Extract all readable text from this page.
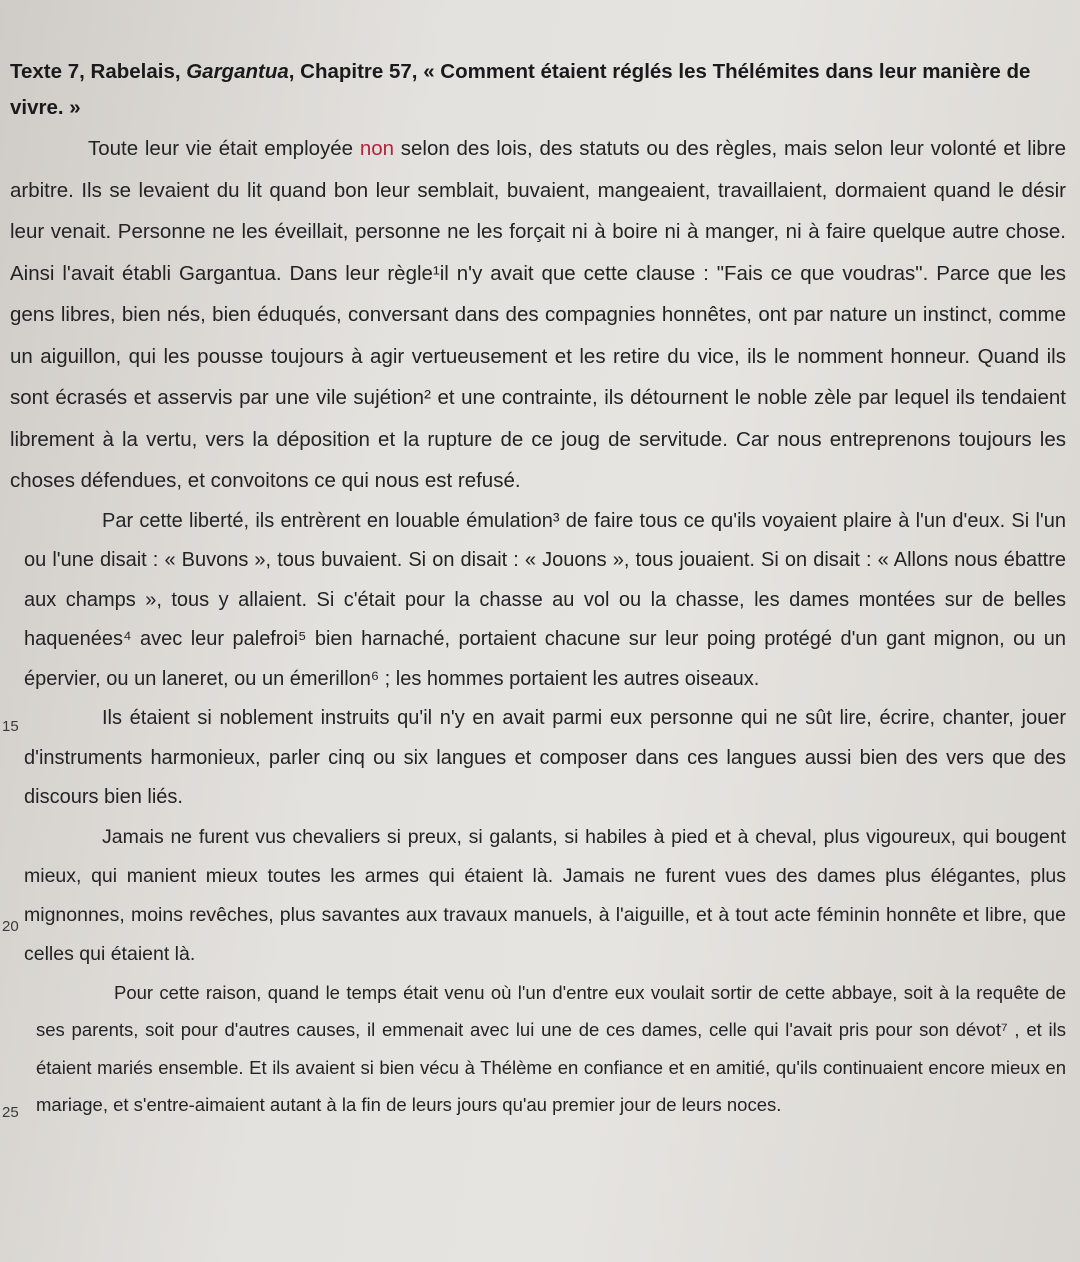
Texte 7, Rabelais, Gargantua, Chapitre 57, « Comment étaient réglés les Thélémites dans leur manière de vivre. »

Toute leur vie était employée non selon des lois, des statuts ou des règles, mais selon leur volonté et libre arbitre. Ils se levaient du lit quand bon leur semblait, buvaient, mangeaient, travaillaient, dormaient quand le désir leur venait. Personne ne les éveillait, personne ne les forçait ni à boire ni à manger, ni à faire quelque autre chose. Ainsi l'avait établi Gargantua. Dans leur règle¹il n'y avait que cette clause : "Fais ce que voudras". Parce que les gens libres, bien nés, bien éduqués, conversant dans des compagnies honnêtes, ont par nature un instinct, comme un aiguillon, qui les pousse toujours à agir vertueusement et les retire du vice, ils le nomment honneur. Quand ils sont écrasés et asservis par une vile sujétion² et une contrainte, ils détournent le noble zèle par lequel ils tendaient librement à la vertu, vers la déposition et la rupture de ce joug de servitude. Car nous entreprenons toujours les choses défendues, et convoitons ce qui nous est refusé.

Par cette liberté, ils entrèrent en louable émulation³ de faire tous ce qu'ils voyaient plaire à l'un d'eux. Si l'un ou l'une disait : « Buvons », tous buvaient. Si on disait : « Jouons », tous jouaient. Si on disait : « Allons nous ébattre aux champs », tous y allaient. Si c'était pour la chasse au vol ou la chasse, les dames montées sur de belles haquenées⁴ avec leur palefroi⁵ bien harnaché, portaient chacune sur leur poing protégé d'un gant mignon, ou un épervier, ou un laneret, ou un émerillon⁶ ; les hommes portaient les autres oiseaux.

Ils étaient si noblement instruits qu'il n'y en avait parmi eux personne qui ne sût lire, écrire, chanter, jouer d'instruments harmonieux, parler cinq ou six langues et composer dans ces langues aussi bien des vers que des discours bien liés.

Jamais ne furent vus chevaliers si preux, si galants, si habiles à pied et à cheval, plus vigoureux, qui bougent mieux, qui manient mieux toutes les armes qui étaient là. Jamais ne furent vues des dames plus élégantes, plus mignonnes, moins revêches, plus savantes aux travaux manuels, à l'aiguille, et à tout acte féminin honnête et libre, que celles qui étaient là.

Pour cette raison, quand le temps était venu où l'un d'entre eux voulait sortir de cette abbaye, soit à la requête de ses parents, soit pour d'autres causes, il emmenait avec lui une de ces dames, celle qui l'avait pris pour son dévot⁷ , et ils étaient mariés ensemble. Et ils avaient si bien vécu à Thélème en confiance et en amitié, qu'ils continuaient encore mieux en mariage, et s'entre-aimaient autant à la fin de leurs jours qu'au premier jour de leurs noces.

15
20
25
